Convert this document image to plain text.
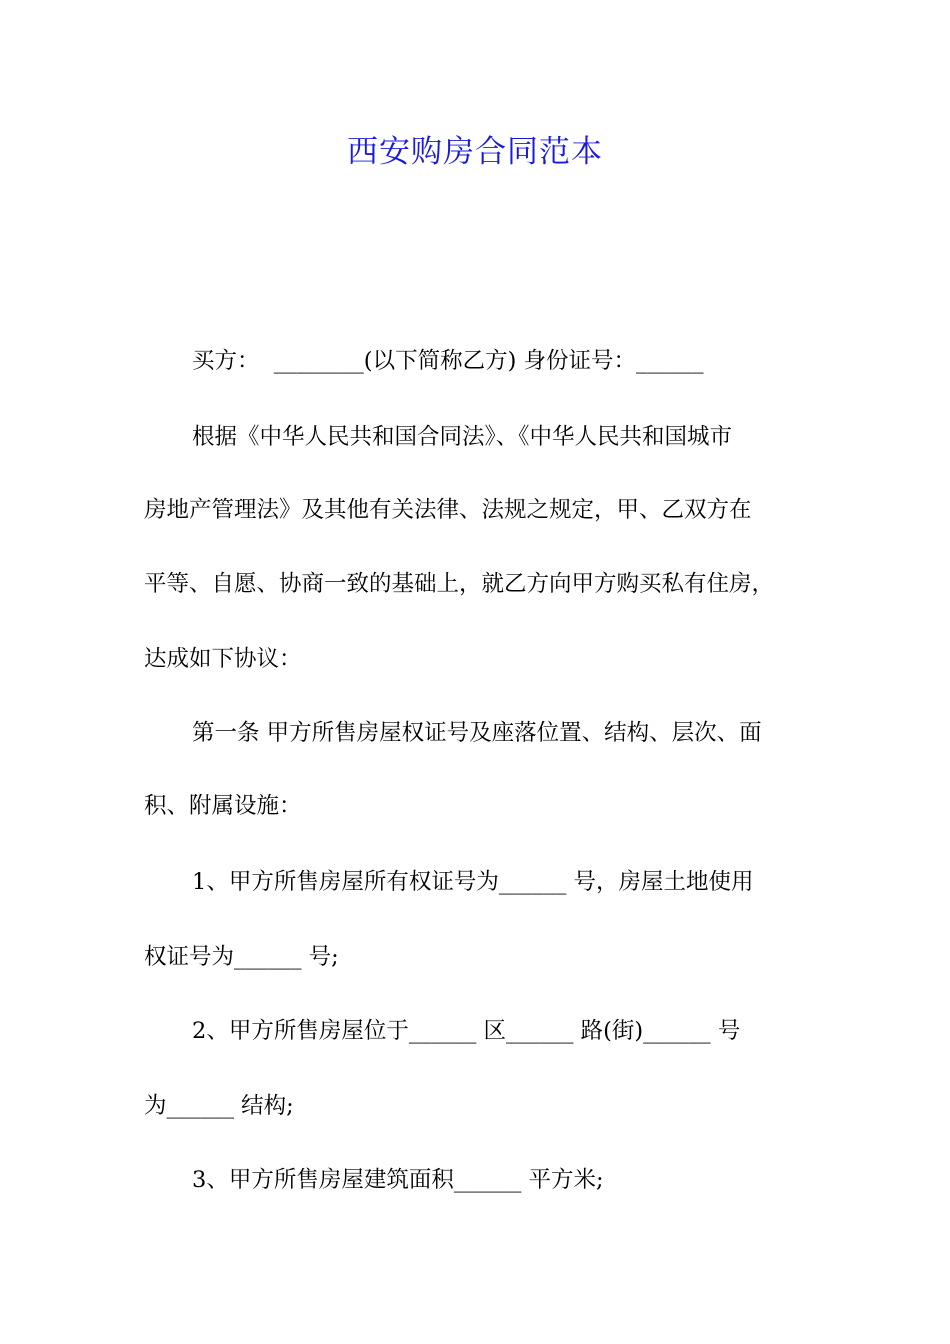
西安购房合同范本
买方：  ________(以下简称乙方) 身份证号：______
根据《中华人民共和国合同法》、《中华人民共和国城市
房地产管理法》及其他有关法律、法规之规定，甲、乙双方在
平等、自愿、协商一致的基础上，就乙方向甲方购买私有住房，
达成如下协议：
第一条 甲方所售房屋权证号及座落位置、结构、层次、面
积、附属设施：
1、甲方所售房屋所有权证号为______ 号，房屋土地使用
权证号为______ 号;
2、甲方所售房屋位于______ 区______ 路(街)______ 号
为______ 结构;
3、甲方所售房屋建筑面积______ 平方米;
